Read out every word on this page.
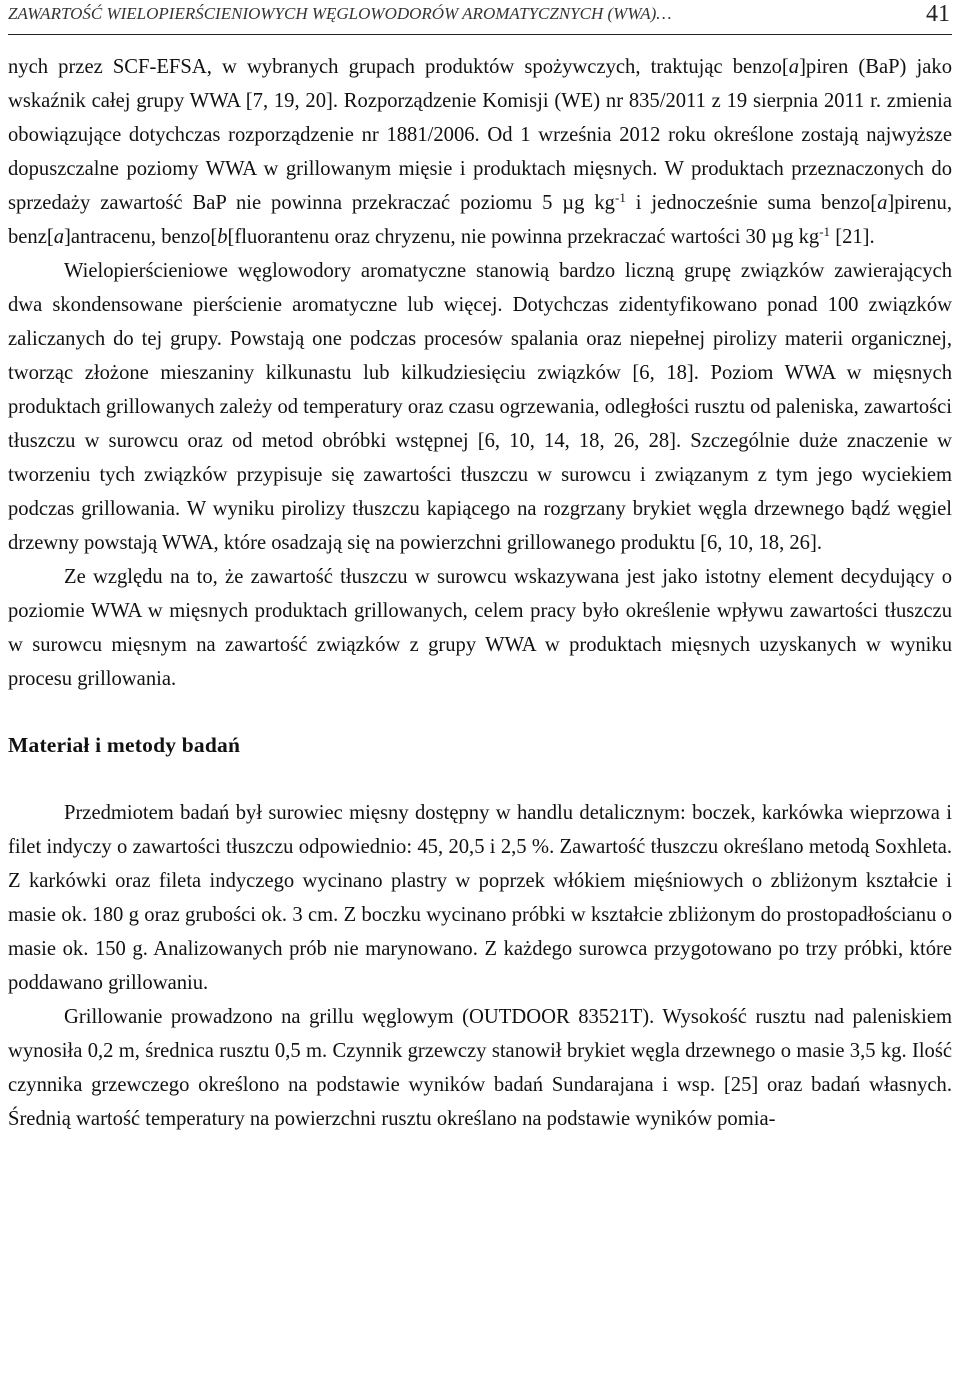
ZAWARTOŚĆ WIELOPIERŚCIENIOWYCH WĘGLOWODORÓW AROMATYCZNYCH (WWA)…	41

nych przez SCF-EFSA, w wybranych grupach produktów spożywczych, traktując benzo[a]piren (BaP) jako wskaźnik całej grupy WWA [7, 19, 20]. Rozporządzenie Komisji (WE) nr 835/2011 z 19 sierpnia 2011 r. zmienia obowiązujące dotychczas rozporządzenie nr 1881/2006. Od 1 września 2012 roku określone zostają najwyższe dopuszczalne poziomy WWA w grillowanym mięsie i produktach mięsnych. W produktach przeznaczonych do sprzedaży zawartość BaP nie powinna przekraczać poziomu 5 µg $kg^{-1}$ i jednocześnie suma benzo[a]pirenu, benz[a]antracenu, benzo[b[fluorantenu oraz chryzenu, nie powinna przekraczać wartości 30 µg $kg^{-1}$ [21].

Wielopierścieniowe węglowodory aromatyczne stanowią bardzo liczną grupę związków zawierających dwa skondensowane pierścienie aromatyczne lub więcej. Dotychczas zidentyfikowano ponad 100 związków zaliczanych do tej grupy. Powstają one podczas procesów spalania oraz niepełnej pirolizy materii organicznej, tworząc złożone mieszaniny kilkunastu lub kilkudziesięciu związków [6, 18]. Poziom WWA w mięsnych produktach grillowanych zależy od temperatury oraz czasu ogrzewania, odległości rusztu od paleniska, zawartości tłuszczu w surowcu oraz od metod obróbki wstępnej [6, 10, 14, 18, 26, 28]. Szczególnie duże znaczenie w tworzeniu tych związków przypisuje się zawartości tłuszczu w surowcu i związanym z tym jego wyciekiem podczas grillowania. W wyniku pirolizy tłuszczu kapiącego na rozgrzany brykiet węgla drzewnego bądź węgiel drzewny powstają WWA, które osadzają się na powierzchni grillowanego produktu [6, 10, 18, 26].

Ze względu na to, że zawartość tłuszczu w surowcu wskazywana jest jako istotny element decydujący o poziomie WWA w mięsnych produktach grillowanych, celem pracy było określenie wpływu zawartości tłuszczu w surowcu mięsnym na zawartość związków z grupy WWA w produktach mięsnych uzyskanych w wyniku procesu grillowania.

Materiał i metody badań

Przedmiotem badań był surowiec mięsny dostępny w handlu detalicznym: boczek, karkówka wieprzowa i filet indyczy o zawartości tłuszczu odpowiednio: 45, 20,5 i 2,5 %. Zawartość tłuszczu określano metodą Soxhleta. Z karkówki oraz fileta indyczego wycinano plastry w poprzek włókiem mięśniowych o zbliżonym kształcie i masie ok. 180 g oraz grubości ok. 3 cm. Z boczku wycinano próbki w kształcie zbliżonym do prostopadłościanu o masie ok. 150 g. Analizowanych prób nie marynowano. Z każdego surowca przygotowano po trzy próbki, które poddawano grillowaniu.

Grillowanie prowadzono na grillu węglowym (OUTDOOR 83521T). Wysokość rusztu nad paleniskiem wynosiła 0,2 m, średnica rusztu 0,5 m. Czynnik grzewczy stanowił brykiet węgla drzewnego o masie 3,5 kg. Ilość czynnika grzewczego określono na podstawie wyników badań Sundarajana i wsp. [25] oraz badań własnych. Średnią wartość temperatury na powierzchni rusztu określano na podstawie wyników pomia-
